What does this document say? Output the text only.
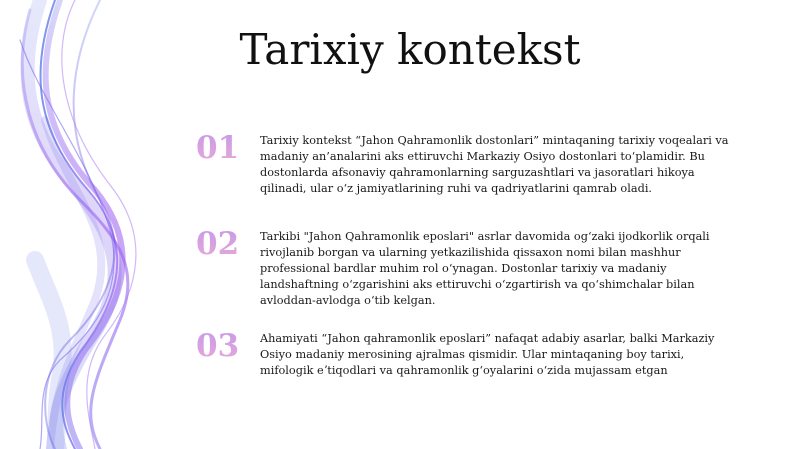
Tarixiy kontekst
01	Tarixiy kontekst “Jahon Qahramonlik dostonlari” mintaqaning tarixiy voqealari va madaniy an’analarini aks ettiruvchi Markaziy Osiyo dostonlari toʻplamidir. Bu dostonlarda afsonaviy qahramonlarning sarguzashtlari va jasoratlari hikoya qilinadi, ular oʻz jamiyatlarining ruhi va qadriyatlarini qamrab oladi.
02	Tarkibi "Jahon Qahramonlik eposlari" asrlar davomida ogʻzaki ijodkorlik orqali rivojlanib borgan va ularning yetkazilishida qissaxon nomi bilan mashhur professional bardlar muhim rol oʻynagan. Dostonlar tarixiy va madaniy landshaftning oʻzgarishini aks ettiruvchi oʻzgartirish va qoʻshimchalar bilan avloddan-avlodga oʻtib kelgan.
03	Ahamiyati “Jahon qahramonlik eposlari” nafaqat adabiy asarlar, balki Markaziy Osiyo madaniy merosining ajralmas qismidir. Ular mintaqaning boy tarixi, mifologik eʼtiqodlari va qahramonlik gʻoyalarini oʻzida mujassam etgan
